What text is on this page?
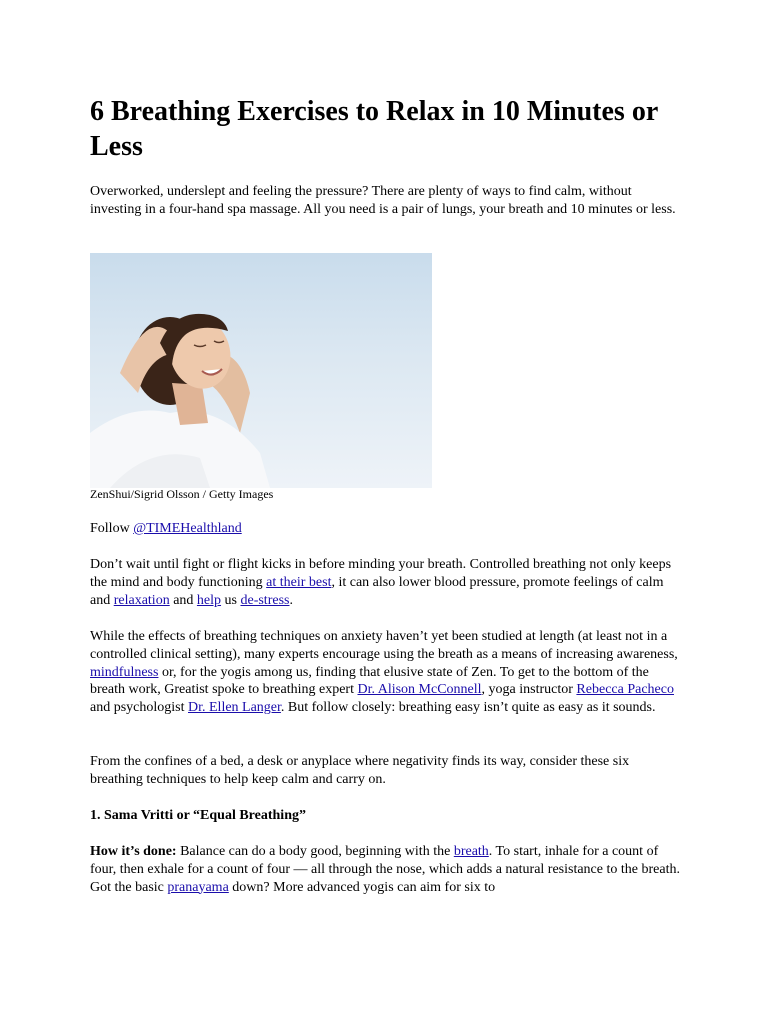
6 Breathing Exercises to Relax in 10 Minutes or Less

Overworked, underslept and feeling the pressure? There are plenty of ways to find calm, without investing in a four-hand spa massage. All you need is a pair of lungs, your breath and 10 minutes or less.

ZenShui/Sigrid Olsson / Getty Images

Follow @TIMEHealthland

Don’t wait until fight or flight kicks in before minding your breath. Controlled breathing not only keeps the mind and body functioning at their best, it can also lower blood pressure, promote feelings of calm and relaxation and help us de-stress.

While the effects of breathing techniques on anxiety haven’t yet been studied at length (at least not in a controlled clinical setting), many experts encourage using the breath as a means of increasing awareness, mindfulness or, for the yogis among us, finding that elusive state of Zen. To get to the bottom of the breath work, Greatist spoke to breathing expert Dr. Alison McConnell, yoga instructor Rebecca Pacheco and psychologist Dr. Ellen Langer. But follow closely: breathing easy isn’t quite as easy as it sounds.

From the confines of a bed, a desk or anyplace where negativity finds its way, consider these six breathing techniques to help keep calm and carry on.

1. Sama Vritti or “Equal Breathing”

How it’s done: Balance can do a body good, beginning with the breath. To start, inhale for a count of four, then exhale for a count of four — all through the nose, which adds a natural resistance to the breath. Got the basic pranayama down? More advanced yogis can aim for six to
